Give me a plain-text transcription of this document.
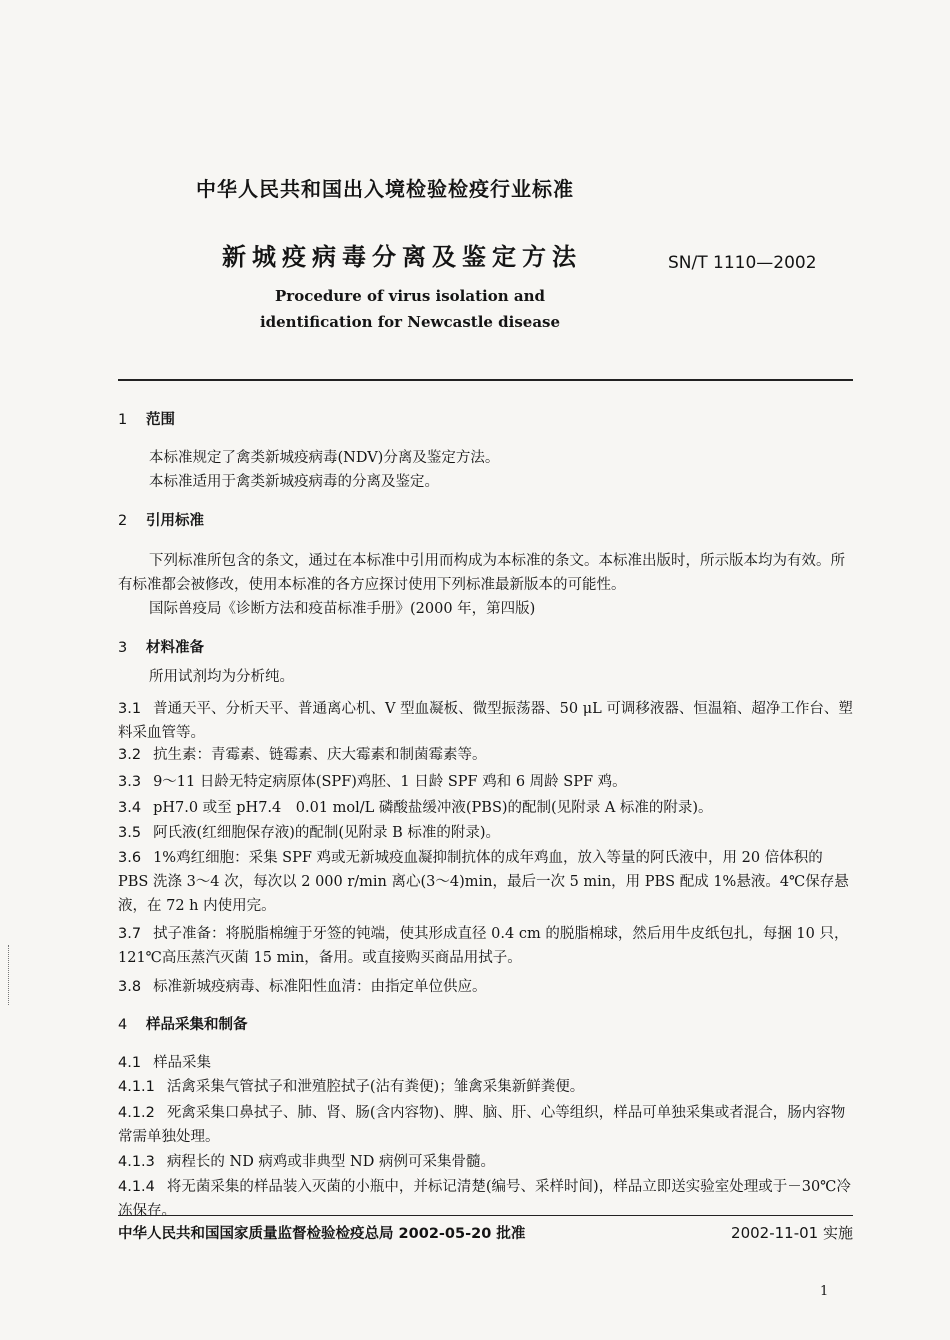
中华人民共和国出入境检验检疫行业标准
新城疫病毒分离及鉴定方法	SN/T 1110—2002
Procedure of virus isolation and
identification for Newcastle disease
1 范围
本标准规定了禽类新城疫病毒(NDV)分离及鉴定方法。
本标准适用于禽类新城疫病毒的分离及鉴定。
2 引用标准
下列标准所包含的条文，通过在本标准中引用而构成为本标准的条文。本标准出版时，所示版本均为有效。所有标准都会被修改，使用本标准的各方应探讨使用下列标准最新版本的可能性。
国际兽疫局《诊断方法和疫苗标准手册》(2000 年，第四版)
3 材料准备
所用试剂均为分析纯。
3.1 普通天平、分析天平、普通离心机、V 型血凝板、微型振荡器、50 μL 可调移液器、恒温箱、超净工作台、塑料采血管等。
3.2 抗生素：青霉素、链霉素、庆大霉素和制菌霉素等。
3.3 9～11 日龄无特定病原体(SPF)鸡胚、1 日龄 SPF 鸡和 6 周龄 SPF 鸡。
3.4 pH7.0 或至 pH7.4　0.01 mol/L 磷酸盐缓冲液(PBS)的配制(见附录 A 标准的附录)。
3.5 阿氏液(红细胞保存液)的配制(见附录 B 标准的附录)。
3.6 1%鸡红细胞：采集 SPF 鸡或无新城疫血凝抑制抗体的成年鸡血，放入等量的阿氏液中，用 20 倍体积的 PBS 洗涤 3～4 次，每次以 2 000 r/min 离心(3～4)min，最后一次 5 min，用 PBS 配成 1%悬液。4℃保存悬液，在 72 h 内使用完。
3.7 拭子准备：将脱脂棉缠于牙签的钝端，使其形成直径 0.4 cm 的脱脂棉球，然后用牛皮纸包扎，每捆 10 只，121℃高压蒸汽灭菌 15 min，备用。或直接购买商品用拭子。
3.8 标准新城疫病毒、标准阳性血清：由指定单位供应。
4 样品采集和制备
4.1 样品采集
4.1.1 活禽采集气管拭子和泄殖腔拭子(沾有粪便)；雏禽采集新鲜粪便。
4.1.2 死禽采集口鼻拭子、肺、肾、肠(含内容物)、脾、脑、肝、心等组织，样品可单独采集或者混合，肠内容物常需单独处理。
4.1.3 病程长的 ND 病鸡或非典型 ND 病例可采集骨髓。
4.1.4 将无菌采集的样品装入灭菌的小瓶中，并标记清楚(编号、采样时间)，样品立即送实验室处理或于－30℃冷冻保存。
中华人民共和国国家质量监督检验检疫总局 2002-05-20 批准	2002-11-01 实施
1
